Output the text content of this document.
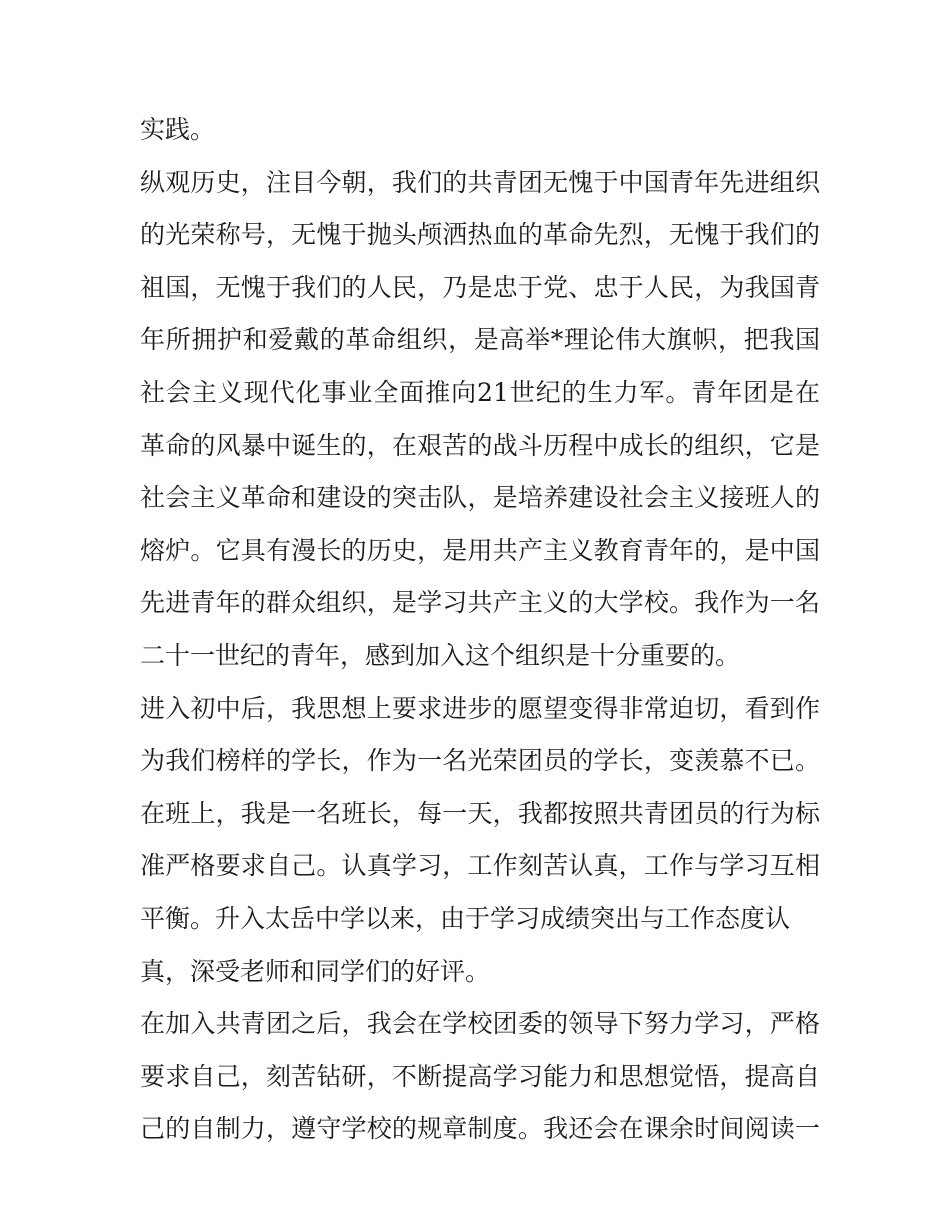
实践。
纵观历史，注目今朝，我们的共青团无愧于中国青年先进组织
的光荣称号，无愧于抛头颅洒热血的革命先烈，无愧于我们的
祖国，无愧于我们的人民，乃是忠于党、忠于人民，为我国青
年所拥护和爱戴的革命组织，是高举*理论伟大旗帜，把我国
社会主义现代化事业全面推向21世纪的生力军。青年团是在
革命的风暴中诞生的，在艰苦的战斗历程中成长的组织，它是
社会主义革命和建设的突击队，是培养建设社会主义接班人的
熔炉。它具有漫长的历史，是用共产主义教育青年的，是中国
先进青年的群众组织，是学习共产主义的大学校。我作为一名
二十一世纪的青年，感到加入这个组织是十分重要的。
进入初中后，我思想上要求进步的愿望变得非常迫切，看到作
为我们榜样的学长，作为一名光荣团员的学长，变羡慕不已。
在班上，我是一名班长，每一天，我都按照共青团员的行为标
准严格要求自己。认真学习，工作刻苦认真，工作与学习互相
平衡。升入太岳中学以来，由于学习成绩突出与工作态度认
真，深受老师和同学们的好评。
在加入共青团之后，我会在学校团委的领导下努力学习，严格
要求自己，刻苦钻研，不断提高学习能力和思想觉悟，提高自
己的自制力，遵守学校的规章制度。我还会在课余时间阅读一
